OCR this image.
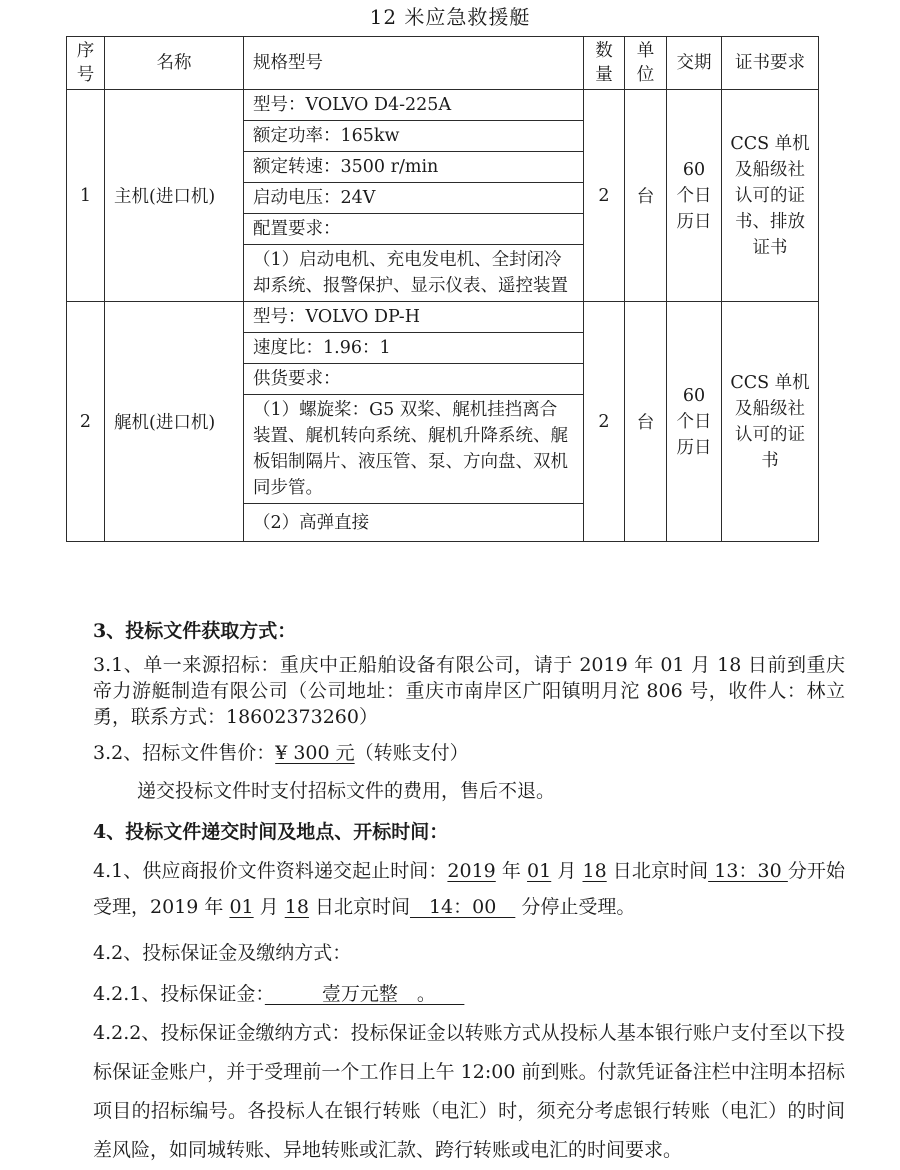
12 米应急救援艇
序号	名称	规格型号	数量	单位	交期	证书要求
1	主机(进口机)	型号：VOLVO D4-225A	2	台	60 个日历日	CCS 单机及船级社认可的证书、排放证书
		额定功率：165kw				
		额定转速：3500 r/min				
		启动电压：24V				
		配置要求：				
		（1）启动电机、充电发电机、全封闭冷却系统、报警保护、显示仪表、遥控装置				
2	艉机(进口机)	型号：VOLVO DP-H	2	台	60 个日历日	CCS 单机及船级社认可的证书
		速度比：1.96：1				
		供货要求：				
		（1）螺旋桨：G5 双桨、艉机挂挡离合装置、艉机转向系统、艉机升降系统、艉板铝制隔片、液压管、泵、方向盘、双机同步管。				
		（2）高弹直接				

3、投标文件获取方式：

3.1、单一来源招标：重庆中正船舶设备有限公司，请于 2019 年 01 月 18 日前到重庆帝力游艇制造有限公司（公司地址：重庆市南岸区广阳镇明月沱 806 号，收件人：林立勇，联系方式：18602373260）

3.2、招标文件售价：¥ 300 元（转账支付）

递交投标文件时支付招标文件的费用，售后不退。

4、投标文件递交时间及地点、开标时间：

4.1、供应商报价文件资料递交起止时间：2019 年 01 月 18 日北京时间 13：30 分开始受理，2019 年 01 月 18 日北京时间　14：00　 分停止受理。

4.2、投标保证金及缴纳方式：

4.2.1、投标保证金：　　　壹万元整　。　　

4.2.2、投标保证金缴纳方式：投标保证金以转账方式从投标人基本银行账户支付至以下投标保证金账户，并于受理前一个工作日上午 12:00 前到账。付款凭证备注栏中注明本招标项目的招标编号。各投标人在银行转账（电汇）时，须充分考虑银行转账（电汇）的时间差风险，如同城转账、异地转账或汇款、跨行转账或电汇的时间要求。
